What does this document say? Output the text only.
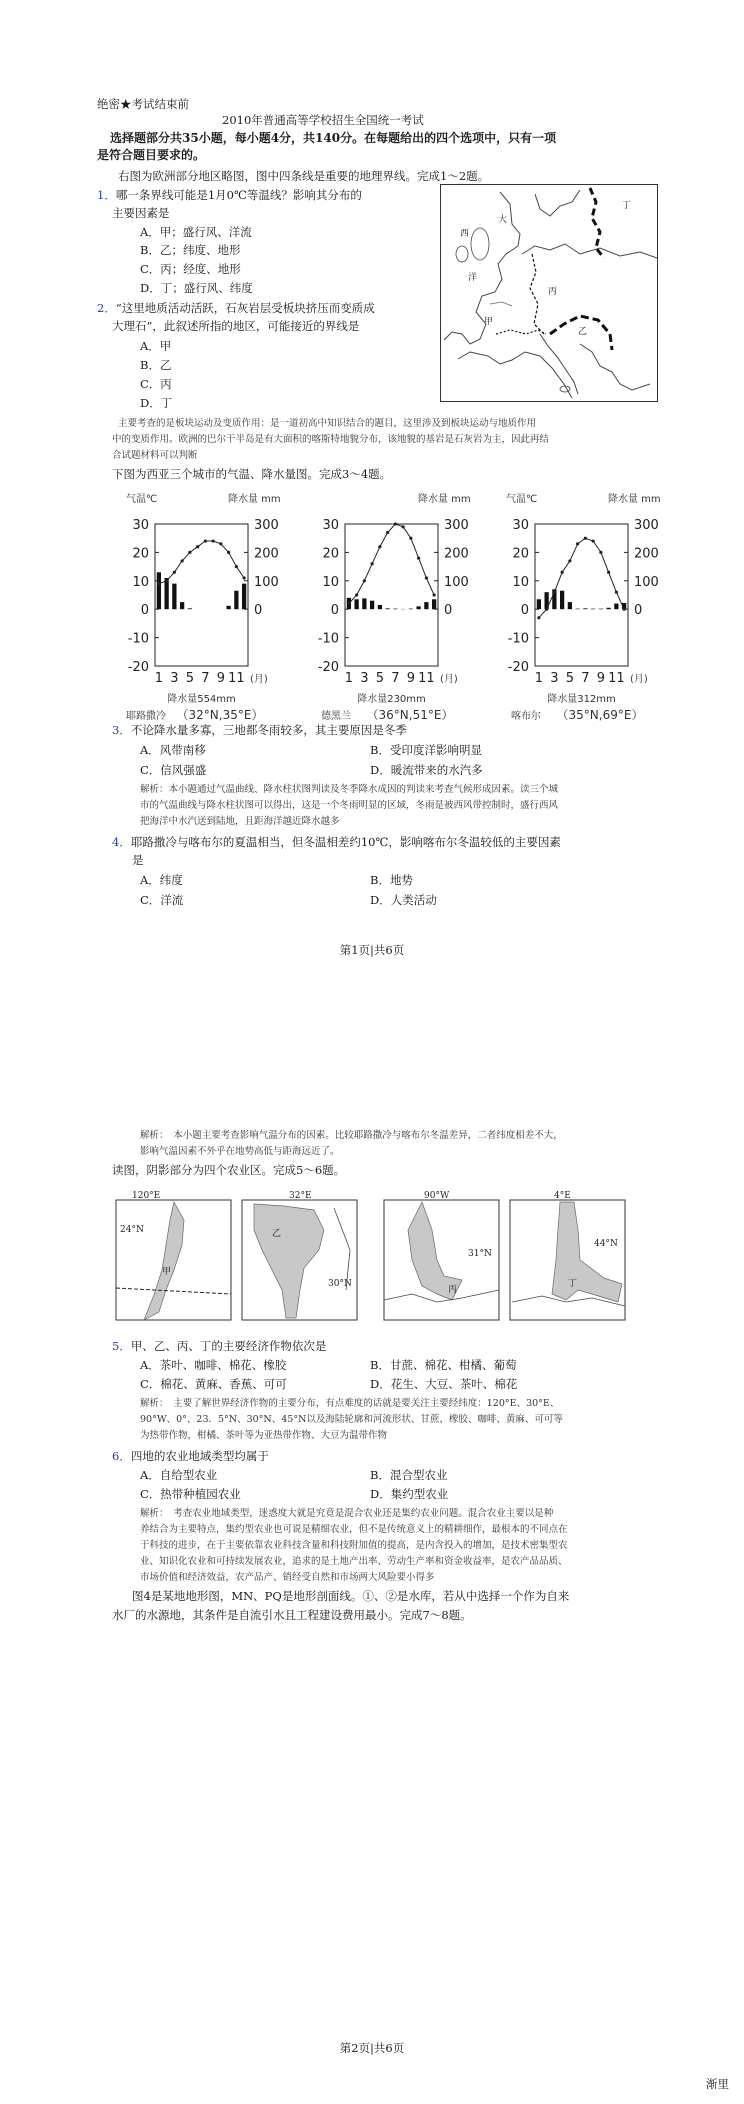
绝密★考试结束前
2010年普通高等学校招生全国统一考试
选择题部分共35小题，每小题4分，共140分。在每题给出的四个选项中，只有一项
是符合题目要求的。
右图为欧洲部分地区略图，图中四条线是重要的地理界线。完成1～2题。
1．哪一条界线可能是1月0℃等温线？影响其分布的
主要因素是
A．甲；盛行风、洋流
B．乙；纬度、地形
C．丙；经度、地形
D．丁；盛行风、纬度
2．“这里地质活动活跃，石灰岩层受板块挤压而变质成
大理石”，此叙述所指的地区，可能接近的界线是
A．甲
B．乙
C．丙
D．丁
大
西
洋
丁
丙
甲
乙
主要考查的是板块运动及变质作用：是一道初高中知识结合的题目，这里涉及到板块运动与地质作用
中的变质作用。欧洲的巴尔干半岛是有大面积的喀斯特地貌分布，该地貌的基岩是石灰岩为主，因此再结
合试题材料可以判断
下图为西亚三个城市的气温、降水量图。完成3～4题。
气温℃	降水量 mm
30
20
10
0
-10
-20
300
200
100
0
1 3 5 7 9 11 (月)
降水量554mm
耶路撒冷 （32°N,35°E）
降水量 mm
30
20
10
0
-10
-20
300
200
100
0
1 3 5 7 9 11 (月)
降水量230mm
德黑兰 （36°N,51°E）
气温℃	降水量 mm
30
20
10
0
-10
-20
300
200
100
0
1 3 5 7 9 11 (月)
降水量312mm
喀布尔 （35°N,69°E）
3．不论降水量多寡，三地都冬雨较多，其主要原因是冬季
A．风带南移	B．受印度洋影响明显
C．信风强盛	D．暖流带来的水汽多
解析：本小题通过气温曲线、降水柱状图判读及冬季降水成因的判读来考查气候形成因素。读三个城
市的气温曲线与降水柱状图可以得出，这是一个冬雨明显的区域，冬雨是被西风带控制时，盛行西风
把海洋中水汽送到陆地，且距海洋越近降水越多
4．耶路撒冷与喀布尔的夏温相当，但冬温相差约10℃，影响喀布尔冬温较低的主要因素
是
A．纬度	B．地势
C．洋流	D．人类活动
第1页|共6页
解析：　本小题主要考查影响气温分布的因素。比较耶路撒冷与喀布尔冬温差异，二者纬度相差不大，
影响气温因素不外乎在地势高低与距海远近了。
读图，阴影部分为四个农业区。完成5～6题。
120°E
24°N
甲
32°E
30°N
乙
90°W
31°N
丙
4°E
44°N
丁
5．甲、乙、丙、丁的主要经济作物依次是
A．茶叶、咖啡、棉花、橡胶	B．甘蔗、棉花、柑橘、葡萄
C．棉花、黄麻、香蕉、可可	D．花生、大豆、茶叶、棉花
解析：　主要了解世界经济作物的主要分布，有点难度的话就是要关注主要经纬度：120°E、30°E、
90°W、0°、23．5°N、30°N、45°N以及海陆轮廓和河流形状、甘蔗、橡胶、咖啡、黄麻、可可等
为热带作物，柑橘、茶叶等为亚热带作物、大豆为温带作物
6．四地的农业地域类型均属于
A．自给型农业	B．混合型农业
C．热带种植园农业	D．集约型农业
解析：　考查农业地域类型，迷惑度大就是究竟是混合农业还是集约农业问题。混合农业主要以是种
养结合为主要特点，集约型农业也可说是精细农业，但不是传统意义上的精耕细作，最根本的不同点在
于科技的进步，在于主要依靠农业科技含量和科技附加值的提高，是内含投入的增加，是技术密集型农
业、知识化农业和可持续发展农业，追求的是土地产出率、劳动生产率和资金收益率，是农产品品质、
市场价值和经济效益，农产品产、销经受自然和市场两大风险要小得多
图4是某地地形图，MN、PQ是地形剖面线。①、②是水库，若从中选择一个作为自来
水厂的水源地，其条件是自流引水且工程建设费用最小。完成7～8题。
第2页|共6页
渐里
